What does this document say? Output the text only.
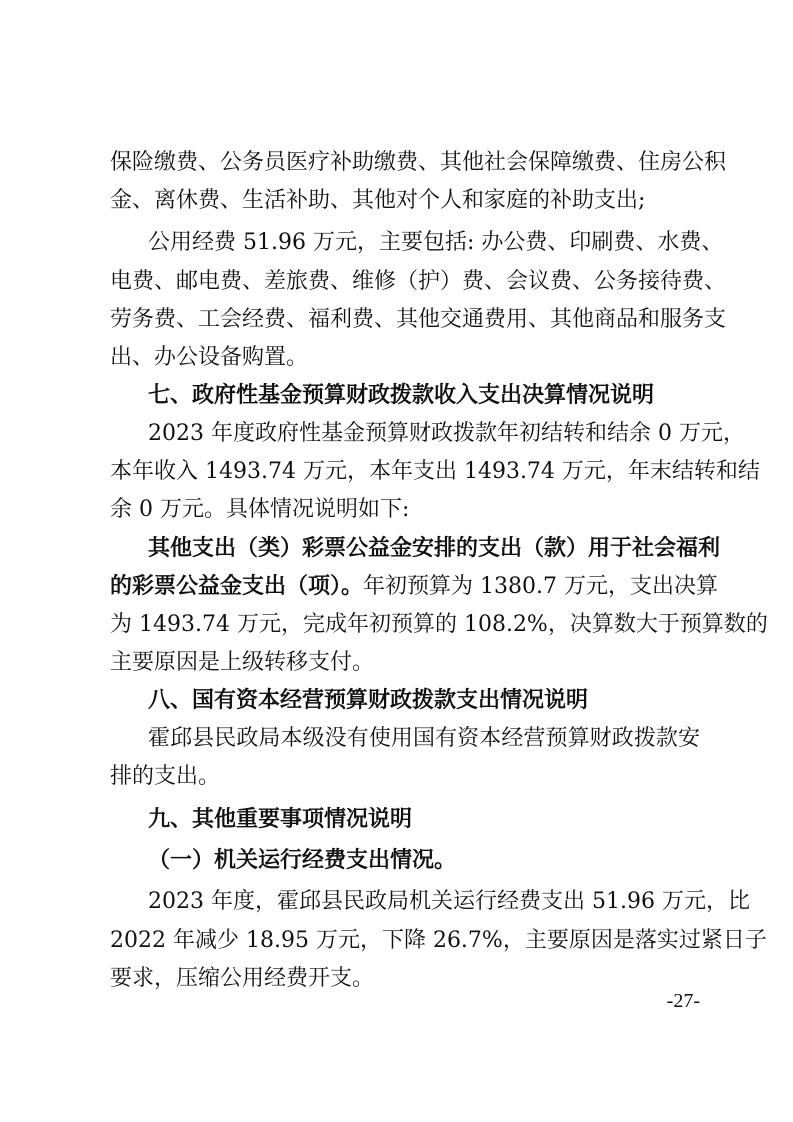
保险缴费、公务员医疗补助缴费、其他社会保障缴费、住房公积
金、离休费、生活补助、其他对个人和家庭的补助支出;
公用经费 51.96 万元，主要包括: 办公费、印刷费、水费、
电费、邮电费、差旅费、维修（护）费、会议费、公务接待费、
劳务费、工会经费、福利费、其他交通费用、其他商品和服务支
出、办公设备购置。
七、政府性基金预算财政拨款收入支出决算情况说明
2023 年度政府性基金预算财政拨款年初结转和结余 0 万元，
本年收入 1493.74 万元，本年支出 1493.74 万元，年末结转和结
余 0 万元。具体情况说明如下:
其他支出（类）彩票公益金安排的支出（款）用于社会福利
的彩票公益金支出（项）。年初预算为 1380.7 万元，支出决算
为 1493.74 万元，完成年初预算的 108.2%，决算数大于预算数的
主要原因是上级转移支付。
八、国有资本经营预算财政拨款支出情况说明
霍邱县民政局本级没有使用国有资本经营预算财政拨款安
排的支出。
九、其他重要事项情况说明
（一）机关运行经费支出情况。
2023 年度，霍邱县民政局机关运行经费支出 51.96 万元，比
2022 年减少 18.95 万元，下降 26.7%，主要原因是落实过紧日子
要求，压缩公用经费开支。
-27-
